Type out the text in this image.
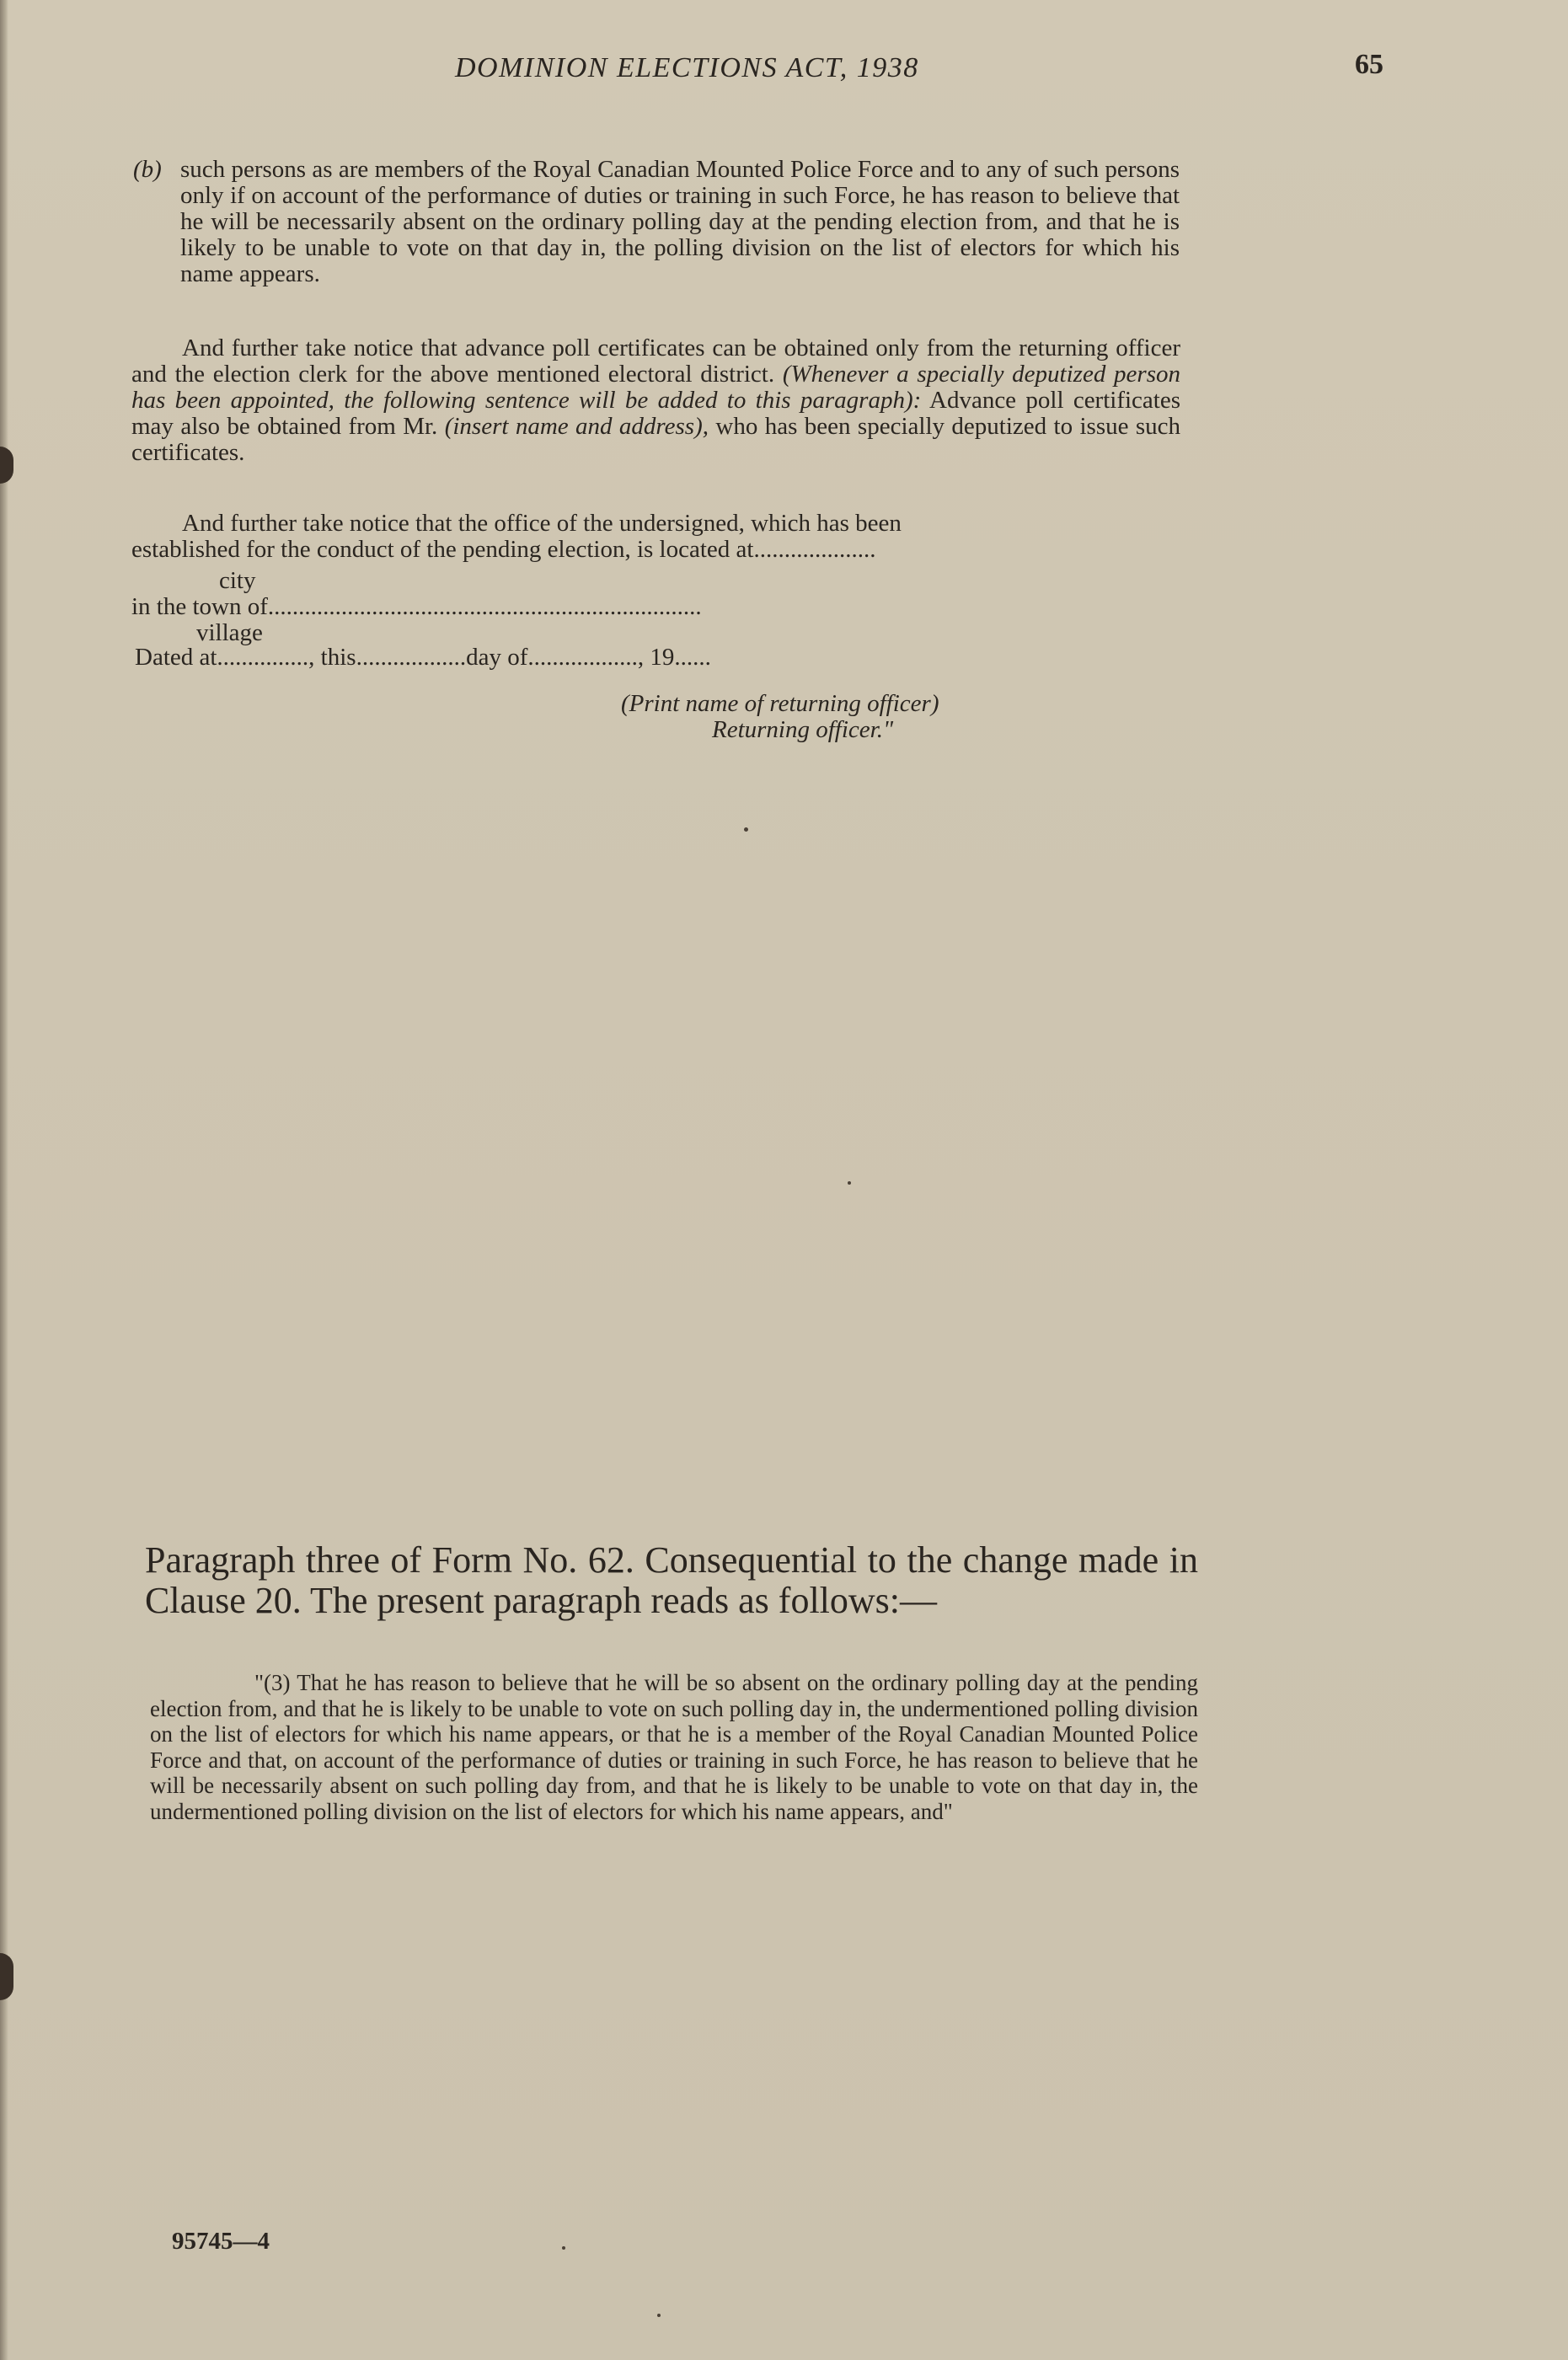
DOMINION ELECTIONS ACT, 1938	65
(b) such persons as are members of the Royal Canadian Mounted Police Force and to any of such persons only if on account of the performance of duties or training in such Force, he has reason to believe that he will be necessarily absent on the ordinary polling day at the pending election from, and that he is likely to be unable to vote on that day in, the polling division on the list of electors for which his name appears.
And further take notice that advance poll certificates can be obtained only from the returning officer and the election clerk for the above mentioned electoral district. (Whenever a specially deputized person has been appointed, the following sentence will be added to this paragraph): Advance poll certificates may also be obtained from Mr. (insert name and address), who has been specially deputized to issue such certificates.
And further take notice that the office of the undersigned, which has been
established for the conduct of the pending election, is located at....................
city
in the town of.......................................................................
village
Dated at..............., this..................day of.................., 19......
(Print name of returning officer)
Returning officer."
Paragraph three of Form No. 62. Consequential to the change made in Clause 20. The present paragraph reads as follows:—
"(3) That he has reason to believe that he will be so absent on the ordinary polling day at the pending election from, and that he is likely to be unable to vote on such polling day in, the undermentioned polling division on the list of electors for which his name appears, or that he is a member of the Royal Canadian Mounted Police Force and that, on account of the performance of duties or training in such Force, he has reason to believe that he will be necessarily absent on such polling day from, and that he is likely to be unable to vote on that day in, the undermentioned polling division on the list of electors for which his name appears, and"
95745—4
